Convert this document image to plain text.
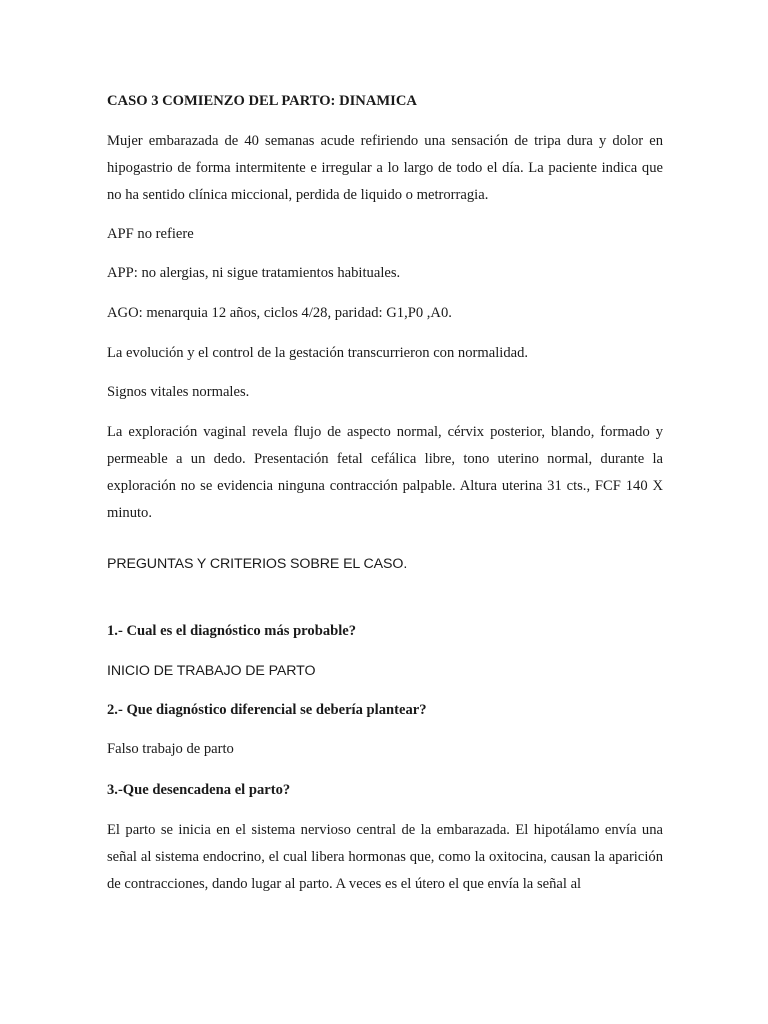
CASO 3 COMIENZO DEL PARTO: DINAMICA

Mujer embarazada de 40 semanas acude refiriendo una sensación de tripa dura y dolor en hipogastrio de forma intermitente e irregular a lo largo de todo el día. La paciente indica que no ha sentido clínica miccional, perdida de liquido o metrorragia.

APF no refiere

APP: no alergias, ni sigue tratamientos habituales.

AGO: menarquia 12 años, ciclos 4/28, paridad: G1,P0 ,A0.

La evolución y el control de la gestación transcurrieron con normalidad.

Signos vitales normales.

La exploración vaginal revela flujo de aspecto normal, cérvix posterior, blando, formado y permeable a un dedo. Presentación fetal cefálica libre, tono uterino normal, durante la exploración no se evidencia ninguna contracción palpable. Altura uterina 31 cts., FCF 140 X minuto.

PREGUNTAS Y CRITERIOS SOBRE EL CASO.

1.- Cual es el diagnóstico más probable?

INICIO DE TRABAJO DE PARTO

2.- Que diagnóstico diferencial se debería plantear?

Falso trabajo de parto

3.-Que desencadena el parto?

El parto se inicia en el sistema nervioso central de la embarazada. El hipotálamo envía una señal al sistema endocrino, el cual libera hormonas que, como la oxitocina, causan la aparición de contracciones, dando lugar al parto. A veces es el útero el que envía la señal al
